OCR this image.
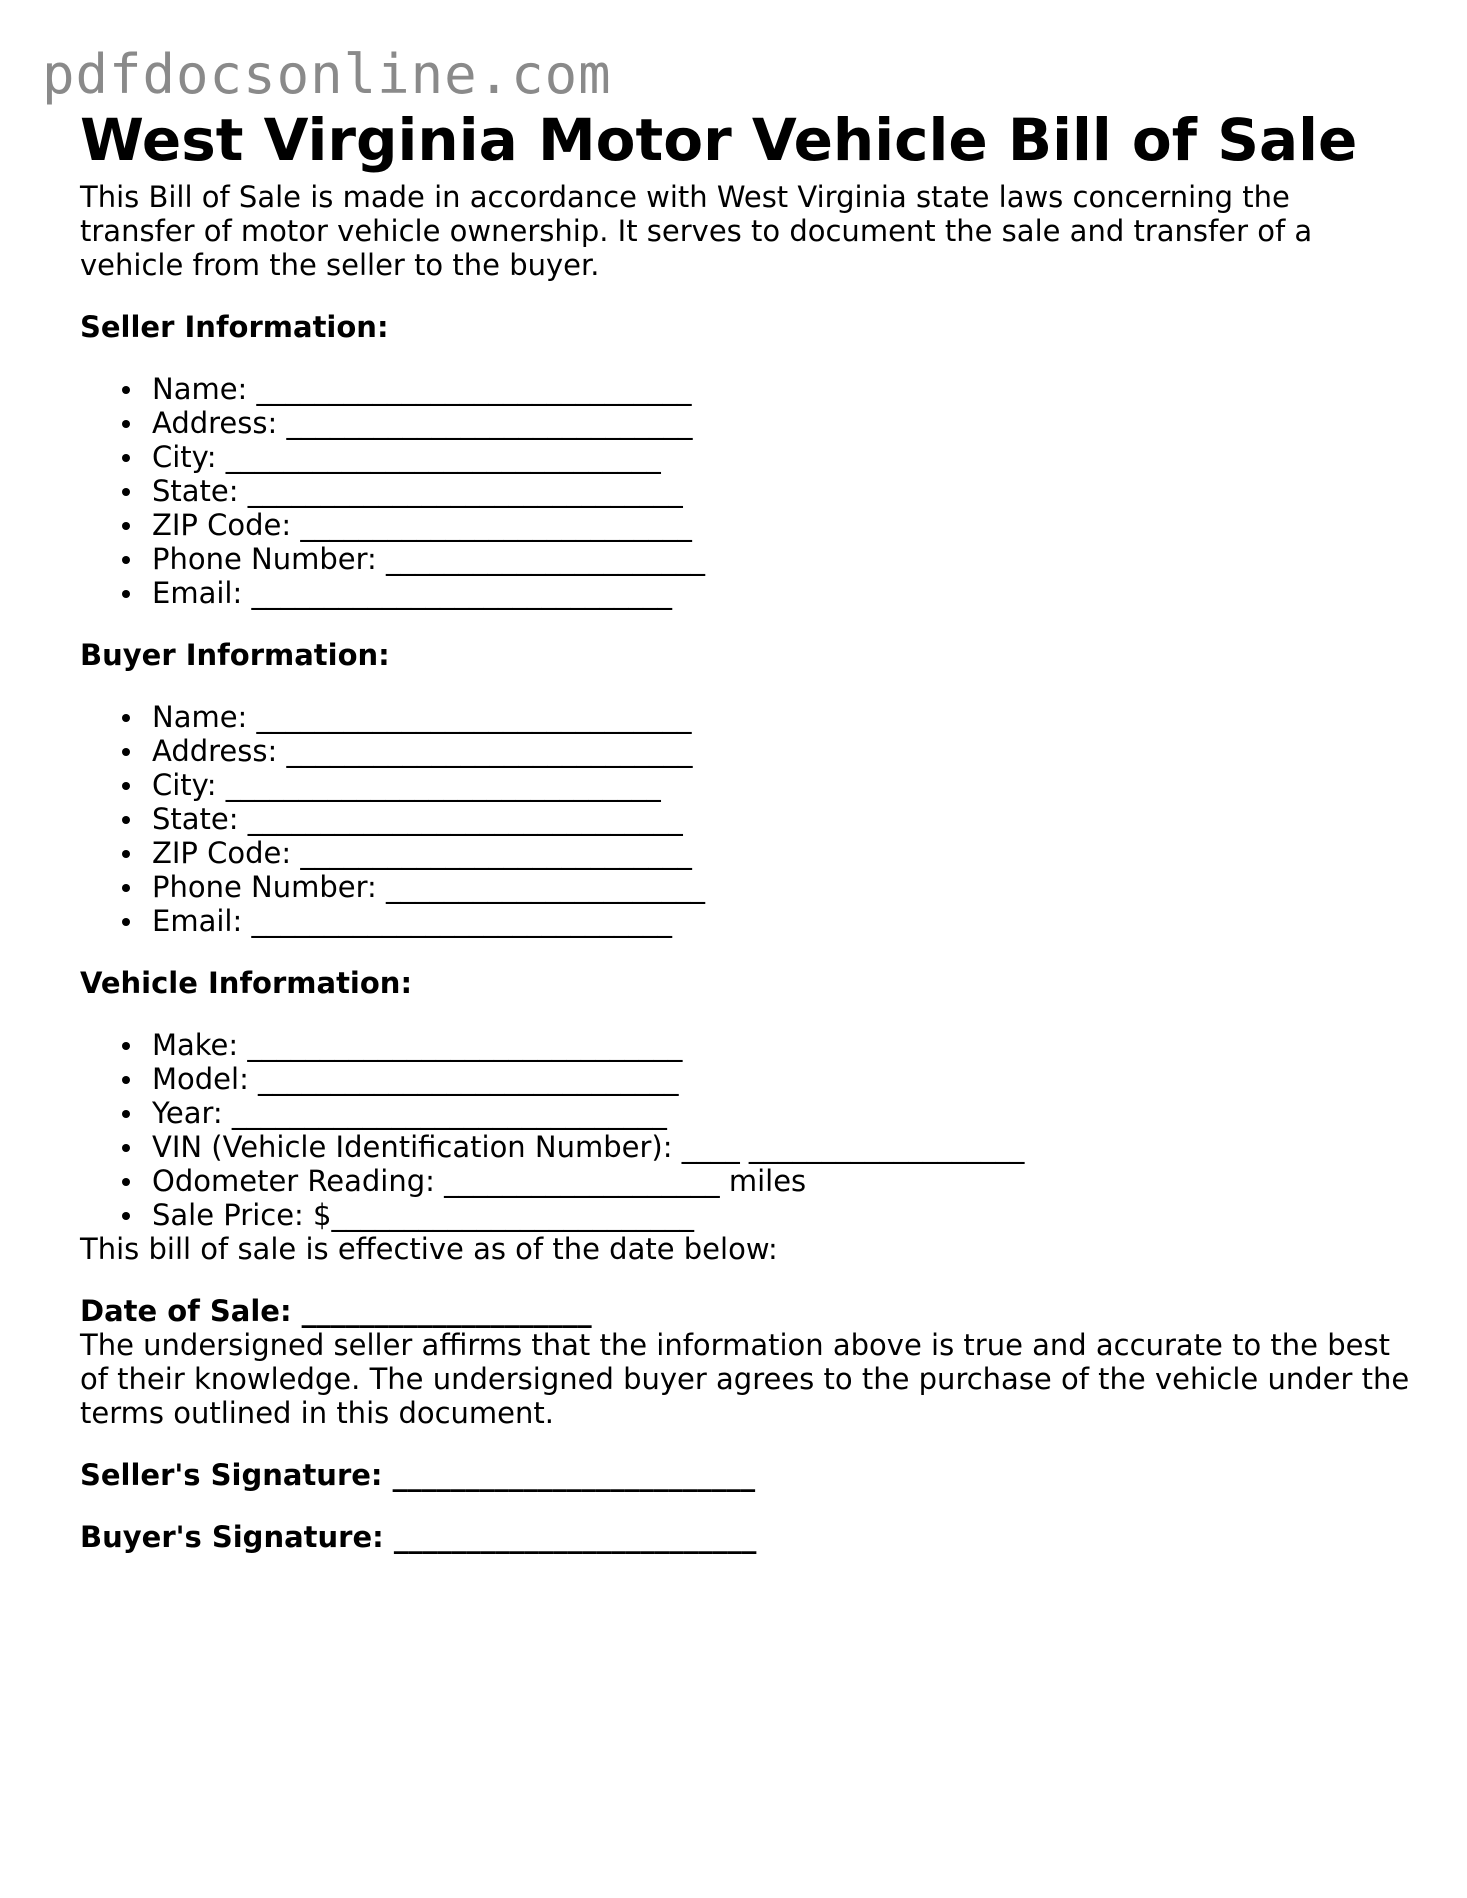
pdfdocsonline.com
West Virginia Motor Vehicle Bill of Sale

This Bill of Sale is made in accordance with West Virginia state laws concerning the transfer of motor vehicle ownership. It serves to document the sale and transfer of a vehicle from the seller to the buyer.

Seller Information:
Name: ______________________________
Address: ____________________________
City: ______________________________
State: ______________________________
ZIP Code: ___________________________
Phone Number: ______________________
Email: _____________________________
Buyer Information:
Name: ______________________________
Address: ____________________________
City: ______________________________
State: ______________________________
ZIP Code: ___________________________
Phone Number: ______________________
Email: _____________________________
Vehicle Information:
Make: ______________________________
Model: _____________________________
Year: ______________________________
VIN (Vehicle Identification Number): ____ ___________________
Odometer Reading: ___________________ miles
Sale Price: $_________________________

This bill of sale is effective as of the date below:

Date of Sale: ____________________

The undersigned seller affirms that the information above is true and accurate to the best of their knowledge. The undersigned buyer agrees to the purchase of the vehicle under the terms outlined in this document.

Seller's Signature: _________________________
Buyer's Signature: _________________________
